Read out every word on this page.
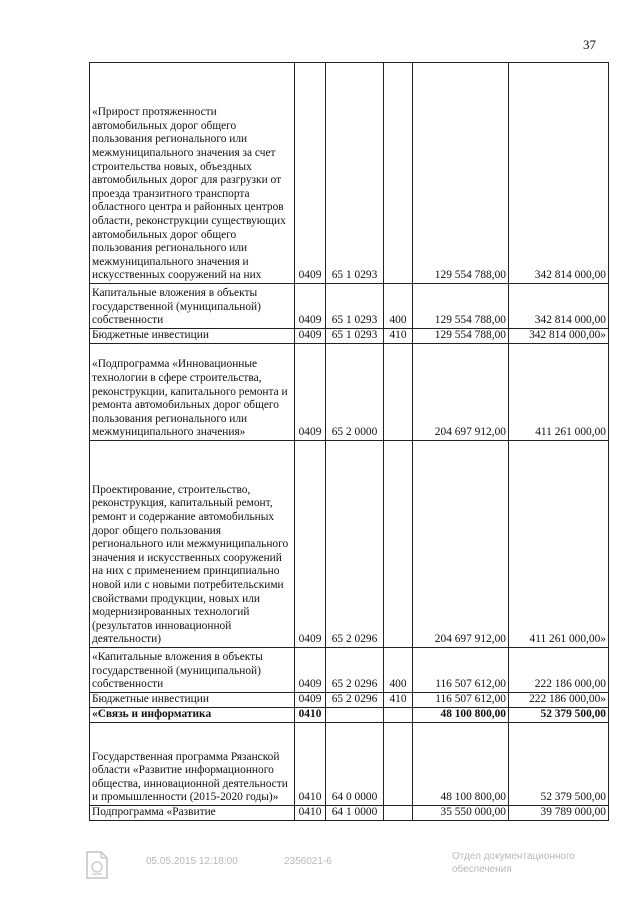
37
«Прирост протяженности автомобильных дорог общего пользования регионального или межмуниципального значения за счет строительства новых, объездных автомобильных дорог для разгрузки от проезда транзитного транспорта областного центра и районных центров области, реконструкции существующих автомобильных дорог общего пользования регионального или межмуниципального значения и искусственных сооружений на них	0409	65 1 0293		129 554 788,00	342 814 000,00
Капитальные вложения в объекты государственной (муниципальной) собственности	0409	65 1 0293	400	129 554 788,00	342 814 000,00
Бюджетные инвестиции	0409	65 1 0293	410	129 554 788,00	342 814 000,00»
«Подпрограмма «Инновационные технологии в сфере строительства, реконструкции, капитального ремонта и ремонта автомобильных дорог общего пользования регионального или межмуниципального значения»	0409	65 2 0000		204 697 912,00	411 261 000,00
Проектирование, строительство, реконструкция, капитальный ремонт, ремонт и содержание автомобильных дорог общего пользования регионального или межмуниципального значения и искусственных сооружений на них с применением принципиально новой или с новыми потребительскими свойствами продукции, новых или модернизированных технологий (результатов инновационной деятельности)	0409	65 2 0296		204 697 912,00	411 261 000,00»
«Капитальные вложения в объекты государственной (муниципальной) собственности	0409	65 2 0296	400	116 507 612,00	222 186 000,00
Бюджетные инвестиции	0409	65 2 0296	410	116 507 612,00	222 186 000,00»
«Связь и информатика	0410			48 100 800,00	52 379 500,00
Государственная программа Рязанской области «Развитие информационного общества, инновационной деятельности и промышленности (2015-2020 годы)»	0410	64 0 0000		48 100 800,00	52 379 500,00
Подпрограмма «Развитие	0410	64 1 0000		35 550 000,00	39 789 000,00
05.05.2015 12:18:00	2356021-6	Отдел документационного
обеспечения
